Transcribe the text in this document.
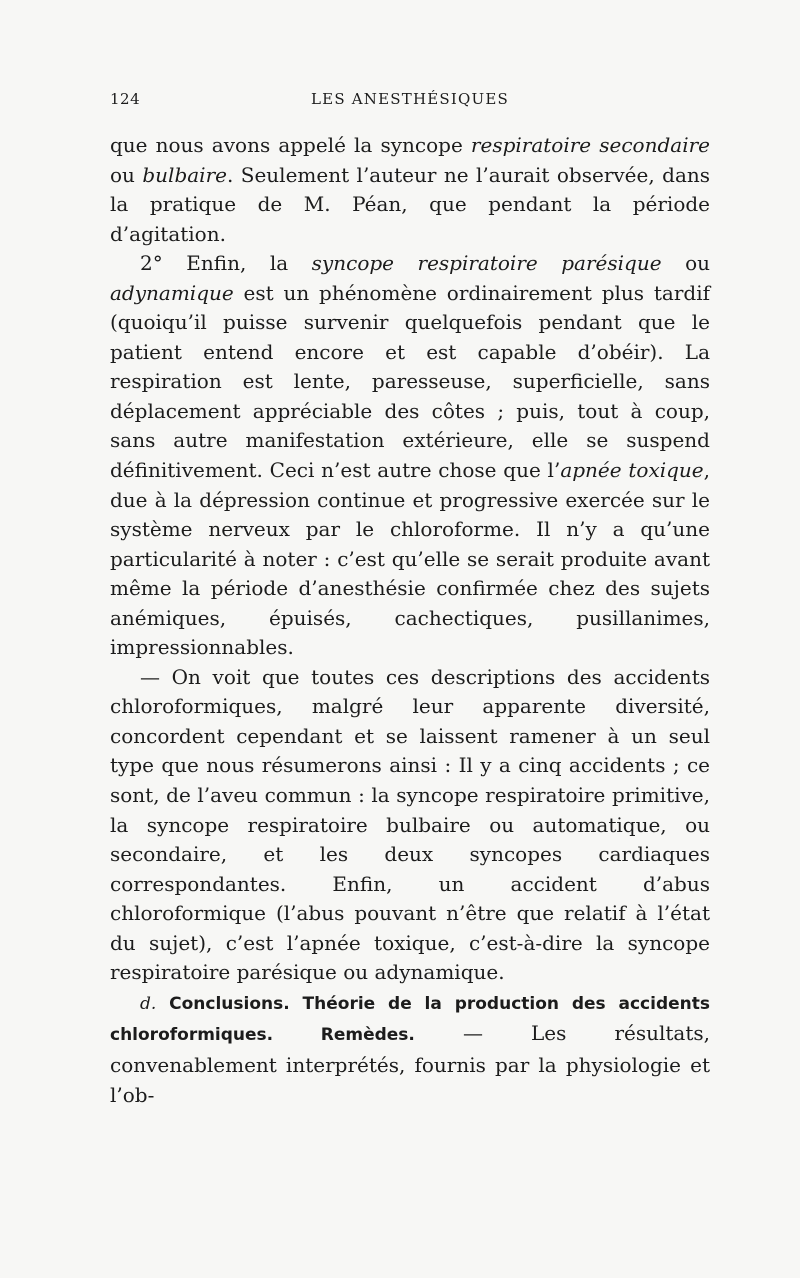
124	LES ANESTHÉSIQUES

que nous avons appelé la syncope respiratoire secondaire ou bulbaire. Seulement l’auteur ne l’aurait observée, dans la pratique de M. Péan, que pendant la période d’agitation.

2° Enfin, la syncope respiratoire parésique ou adynamique est un phénomène ordinairement plus tardif (quoiqu’il puisse survenir quelquefois pendant que le patient entend encore et est capable d’obéir). La respiration est lente, paresseuse, superficielle, sans déplacement appréciable des côtes ; puis, tout à coup, sans autre manifestation extérieure, elle se suspend définitivement. Ceci n’est autre chose que l’apnée toxique, due à la dépression continue et progressive exercée sur le système nerveux par le chloroforme. Il n’y a qu’une particularité à noter : c’est qu’elle se serait produite avant même la période d’anesthésie confirmée chez des sujets anémiques, épuisés, cachectiques, pusillanimes, impressionnables.

— On voit que toutes ces descriptions des accidents chloroformiques, malgré leur apparente diversité, concordent cependant et se laissent ramener à un seul type que nous résumerons ainsi : Il y a cinq accidents ; ce sont, de l’aveu commun : la syncope respiratoire primitive, la syncope respiratoire bulbaire ou automatique, ou secondaire, et les deux syncopes cardiaques correspondantes. Enfin, un accident d’abus chloroformique (l’abus pouvant n’être que relatif à l’état du sujet), c’est l’apnée toxique, c’est-à-dire la syncope respiratoire parésique ou adynamique.

d. Conclusions. Théorie de la production des accidents chloroformiques. Remèdes. — Les résultats, convenablement interprétés, fournis par la physiologie et l’ob-
